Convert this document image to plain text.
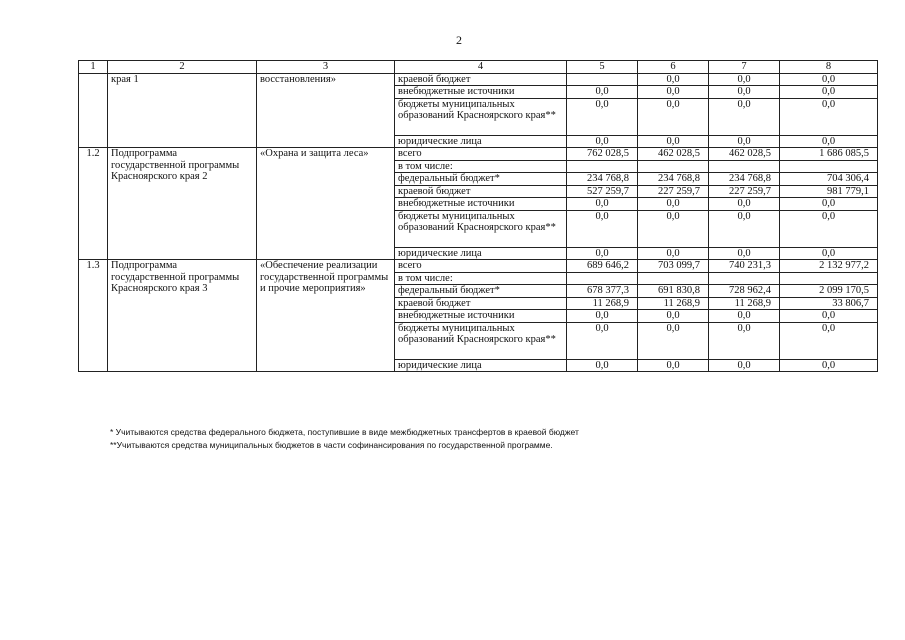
2
1	2	3	4	5	6	7	8
	края 1	восстановления»	краевой бюджет		0,0	0,0	0,0
			внебюджетные источники	0,0	0,0	0,0	0,0
			бюджеты муниципальных образований Красноярского края**	0,0	0,0	0,0	0,0
			юридические лица	0,0	0,0	0,0	0,0
1.2	Подпрограмма государственной программы Красноярского края 2	«Охрана и защита леса»	всего	762 028,5	462 028,5	462 028,5	1 686 085,5
			в том числе:				
			федеральный бюджет*	234 768,8	234 768,8	234 768,8	704 306,4
			краевой бюджет	527 259,7	227 259,7	227 259,7	981 779,1
			внебюджетные источники	0,0	0,0	0,0	0,0
			бюджеты муниципальных образований Красноярского края**	0,0	0,0	0,0	0,0
			юридические лица	0,0	0,0	0,0	0,0
1.3	Подпрограмма государственной программы Красноярского края 3	«Обеспечение реализации государственной программы и прочие мероприятия»	всего	689 646,2	703 099,7	740 231,3	2 132 977,2
			в том числе:				
			федеральный бюджет*	678 377,3	691 830,8	728 962,4	2 099 170,5
			краевой бюджет	11 268,9	11 268,9	11 268,9	33 806,7
			внебюджетные источники	0,0	0,0	0,0	0,0
			бюджеты муниципальных образований Красноярского края**	0,0	0,0	0,0	0,0
			юридические лица	0,0	0,0	0,0	0,0
* Учитываются средства федерального бюджета, поступившие в виде межбюджетных трансфертов в краевой бюджет
**Учитываются средства муниципальных бюджетов в части софинансирования по государственной программе.
